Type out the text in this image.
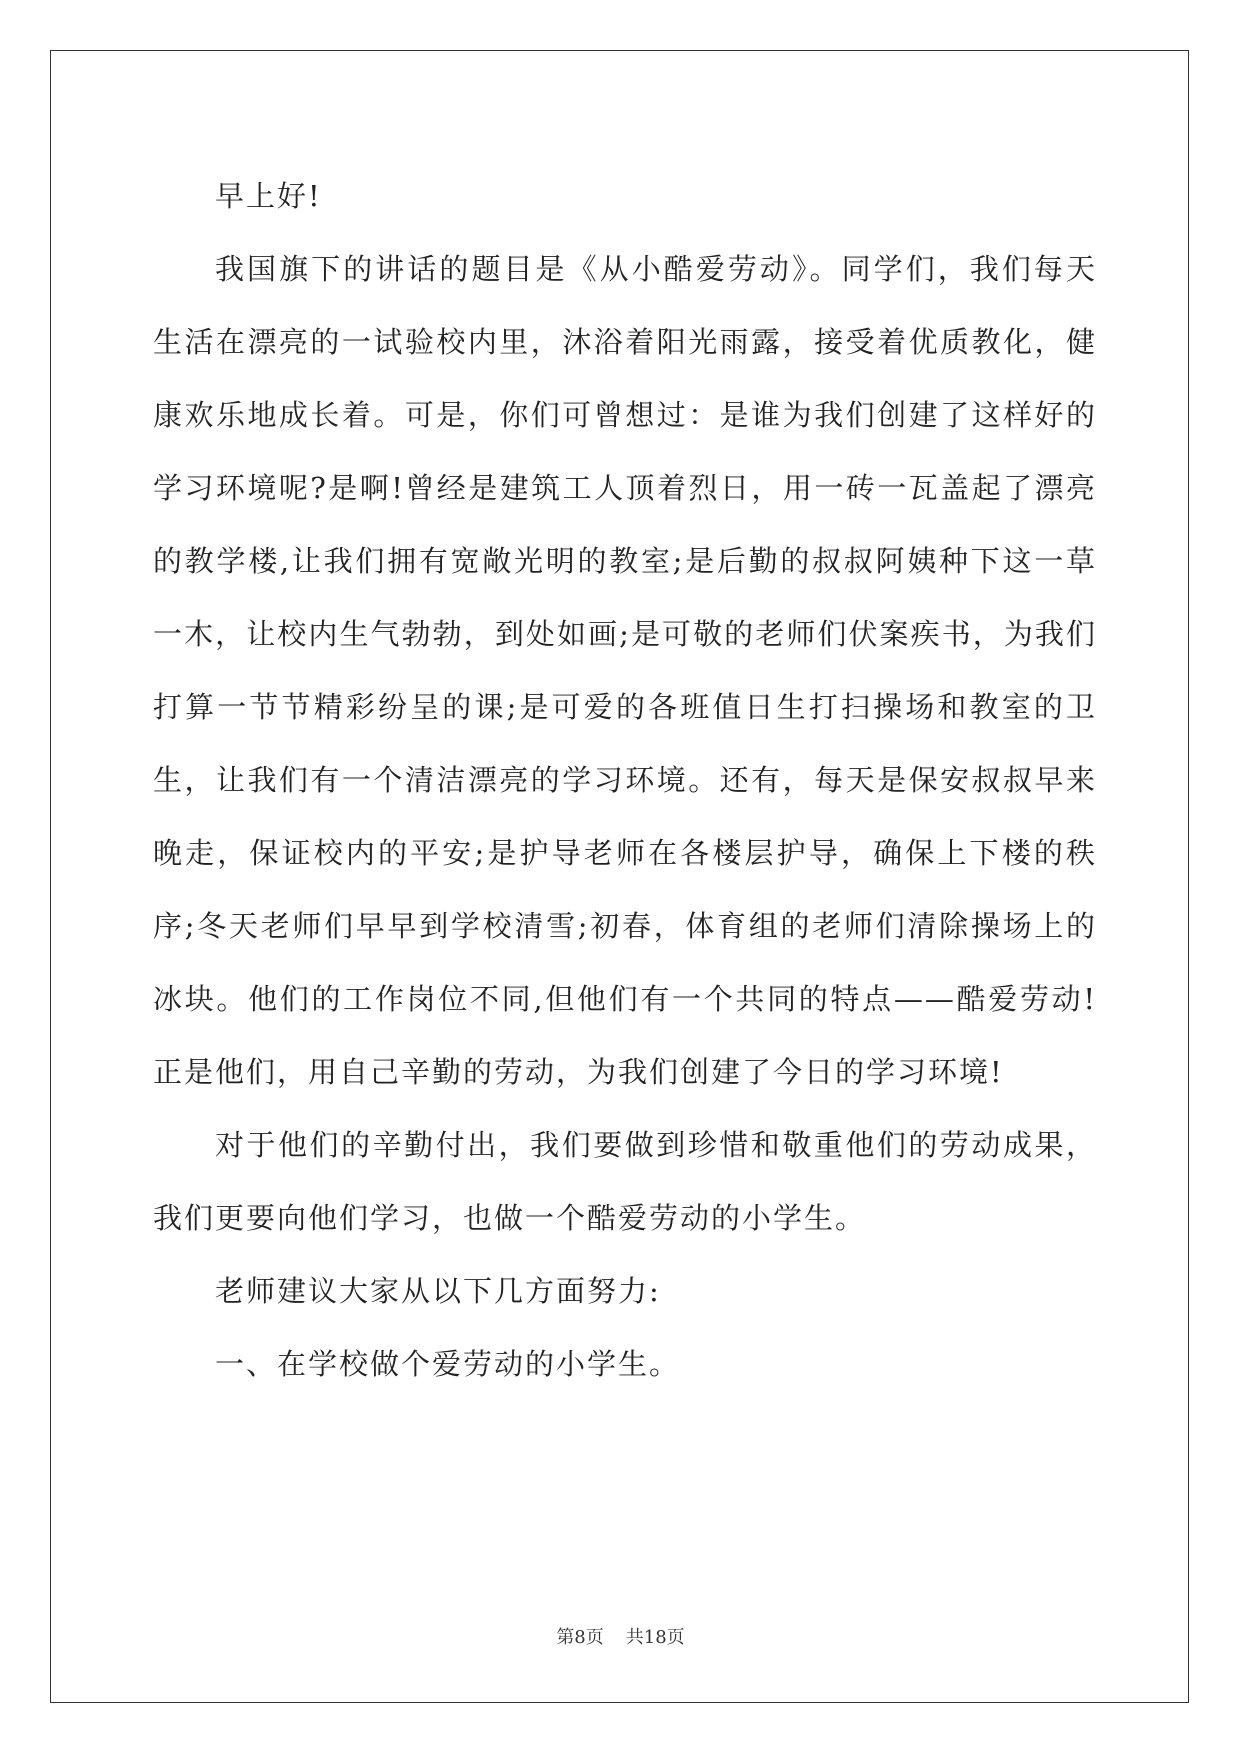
早上好!

我国旗下的讲话的题目是《从小酷爱劳动》。同学们，我们每天生活在漂亮的一试验校内里，沐浴着阳光雨露，接受着优质教化，健康欢乐地成长着。可是，你们可曾想过：是谁为我们创建了这样好的学习环境呢?是啊!曾经是建筑工人顶着烈日，用一砖一瓦盖起了漂亮的教学楼,让我们拥有宽敞光明的教室;是后勤的叔叔阿姨种下这一草一木，让校内生气勃勃，到处如画;是可敬的老师们伏案疾书，为我们打算一节节精彩纷呈的课;是可爱的各班值日生打扫操场和教室的卫生，让我们有一个清洁漂亮的学习环境。还有，每天是保安叔叔早来晚走，保证校内的平安;是护导老师在各楼层护导，确保上下楼的秩序;冬天老师们早早到学校清雪;初春，体育组的老师们清除操场上的冰块。他们的工作岗位不同,但他们有一个共同的特点——酷爱劳动!正是他们，用自己辛勤的劳动，为我们创建了今日的学习环境!

对于他们的辛勤付出，我们要做到珍惜和敬重他们的劳动成果，我们更要向他们学习，也做一个酷爱劳动的小学生。

老师建议大家从以下几方面努力:

一、在学校做个爱劳动的小学生。

第8页 共18页
